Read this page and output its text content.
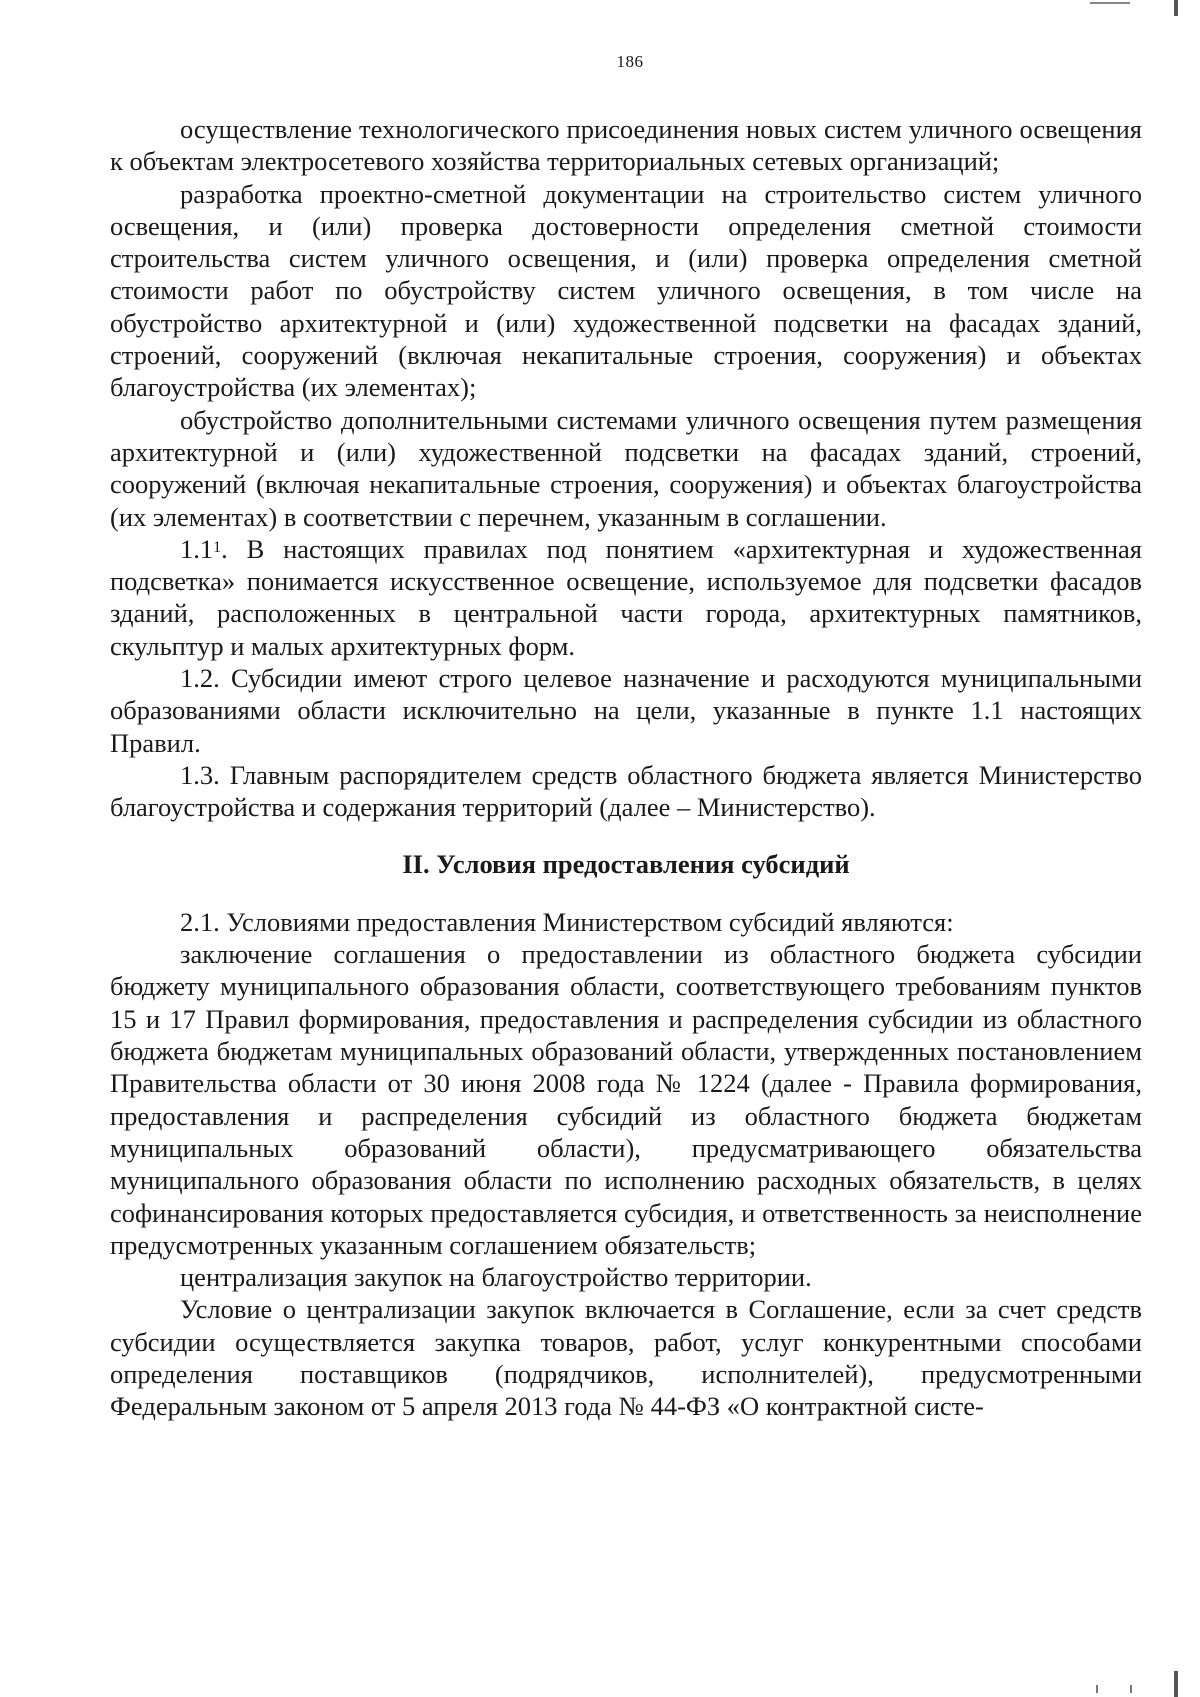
186

осуществление технологического присоединения новых систем уличного освещения к объектам электросетевого хозяйства территориальных сетевых организаций;

разработка проектно-сметной документации на строительство систем уличного освещения, и (или) проверка достоверности определения сметной стоимости строительства систем уличного освещения, и (или) проверка определения сметной стоимости работ по обустройству систем уличного освещения, в том числе на обустройство архитектурной и (или) художественной подсветки на фасадах зданий, строений, сооружений (включая некапитальные строения, сооружения) и объектах благоустройства (их элементах);

обустройство дополнительными системами уличного освещения путем размещения архитектурной и (или) художественной подсветки на фасадах зданий, строений, сооружений (включая некапитальные строения, сооружения) и объектах благоустройства (их элементах) в соответствии с перечнем, указанным в соглашении.

$1.1^1$. В настоящих правилах под понятием «архитектурная и художественная подсветка» понимается искусственное освещение, используемое для подсветки фасадов зданий, расположенных в центральной части города, архитектурных памятников, скульптур и малых архитектурных форм.

1.2. Субсидии имеют строго целевое назначение и расходуются муниципальными образованиями области исключительно на цели, указанные в пункте 1.1 настоящих Правил.

1.3. Главным распорядителем средств областного бюджета является Министерство благоустройства и содержания территорий (далее – Министерство).

II. Условия предоставления субсидий

2.1. Условиями предоставления Министерством субсидий являются:

заключение соглашения о предоставлении из областного бюджета субсидии бюджету муниципального образования области, соответствующего требованиям пунктов 15 и 17 Правил формирования, предоставления и распределения субсидии из областного бюджета бюджетам муниципальных образований области, утвержденных постановлением Правительства области от 30 июня 2008 года № 1224 (далее - Правила формирования, предоставления и распределения субсидий из областного бюджета бюджетам муниципальных образований области), предусматривающего обязательства муниципального образования области по исполнению расходных обязательств, в целях софинансирования которых предоставляется субсидия, и ответственность за неисполнение предусмотренных указанным соглашением обязательств;

централизация закупок на благоустройство территории.

Условие о централизации закупок включается в Соглашение, если за счет средств субсидии осуществляется закупка товаров, работ, услуг конкурентными способами определения поставщиков (подрядчиков, исполнителей), предусмотренными Федеральным законом от 5 апреля 2013 года № 44-ФЗ «О контрактной систе-
